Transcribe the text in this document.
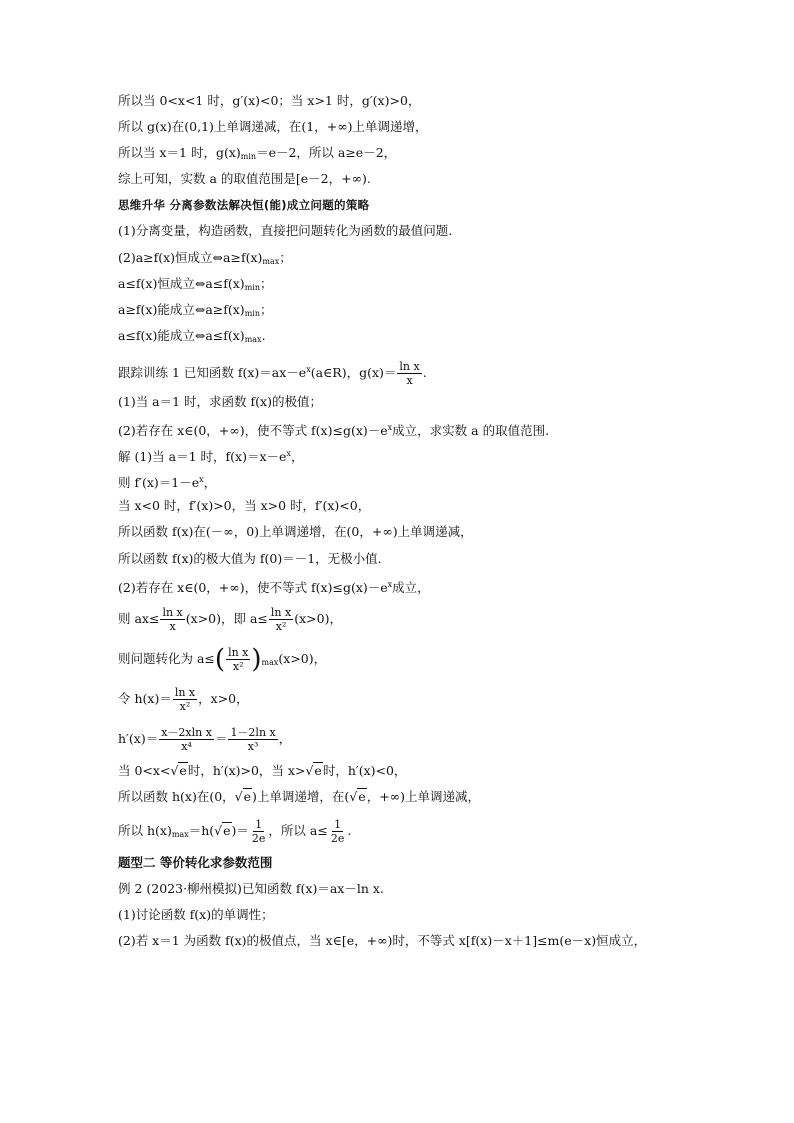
所以当 0<x<1 时，g′(x)<0；当 x>1 时，g′(x)>0，
所以 g(x)在(0,1)上单调递减，在(1，+∞)上单调递增，
所以当 x＝1 时，$g(x)_{min}=e-2$，所以 a≥e－2，
综上可知，实数 a 的取值范围是[e－2，+∞).
思维升华 分离参数法解决恒(能)成立问题的策略
(1)分离变量，构造函数，直接把问题转化为函数的最值问题.
(2)a≥f(x)恒成立$\Leftrightarrow a\ge f(x)_{max}$；
a≤f(x)恒成立$\Leftrightarrow a\le f(x)_{min}$；
a≥f(x)能成立$\Leftrightarrow a\ge f(x)_{min}$；
a≤f(x)能成立$\Leftrightarrow a\le f(x)_{max}$.
跟踪训练 1 已知函数 $f(x)=ax-e^x(a\in R)$，$g(x)= \frac{\text{ln x}}{x}$ .
(1)当 a＝1 时，求函数 f(x)的极值；
(2)若存在 x∈(0，+∞)，使不等式 $f(x)\le g(x)-e^x$成立，求实数 a 的取值范围.
解 (1)当 a＝1 时，$f(x)=x-e^x$，
则 $f'(x)=1-e^x$，
当 x<0 时，f′(x)>0，当 x>0 时，f′(x)<0，
所以函数 f(x)在(－∞，0)上单调递增，在(0，+∞)上单调递减，
所以函数 f(x)的极大值为 f(0)＝－1，无极小值.
(2)若存在 x∈(0，+∞)，使不等式 $f(x)\le g(x)-e^x$成立，
则 $ax\le \frac{\text{ln x}}{x} (x>0)$，即 $a\le \frac{\text{ln x}}{\text{x²}} (x>0)$，
则问题转化为 $a\le( \frac{\text{ln x}}{\text{x²}} )_{max}(x>0)$，
令 $h(x)= \frac{\text{ln x}}{\text{x²}}$ ，x>0，
$h'(x)= \frac{\text{x－2xln x}}{\text{x⁴}} = \frac{\text{1－2ln x}}{\text{x³}}$ ，
当 0<x<√e时，h′(x)>0，当 x>√e时，h′(x)<0，
所以函数 h(x)在(0，√e)上单调递增，在(√e，+∞)上单调递减，
所以 $h(x)_{max}=h(√e)= \frac{1}{2e}$ ，所以 $a\le \frac{1}{2e}$ .
题型二 等价转化求参数范围
例 2 (2023·柳州模拟)已知函数 f(x)＝ax－ln x.
(1)讨论函数 f(x)的单调性；
(2)若 x＝1 为函数 f(x)的极值点，当 x∈[e，+∞)时，不等式 x[f(x)－x＋1]≤m(e－x)恒成立，
